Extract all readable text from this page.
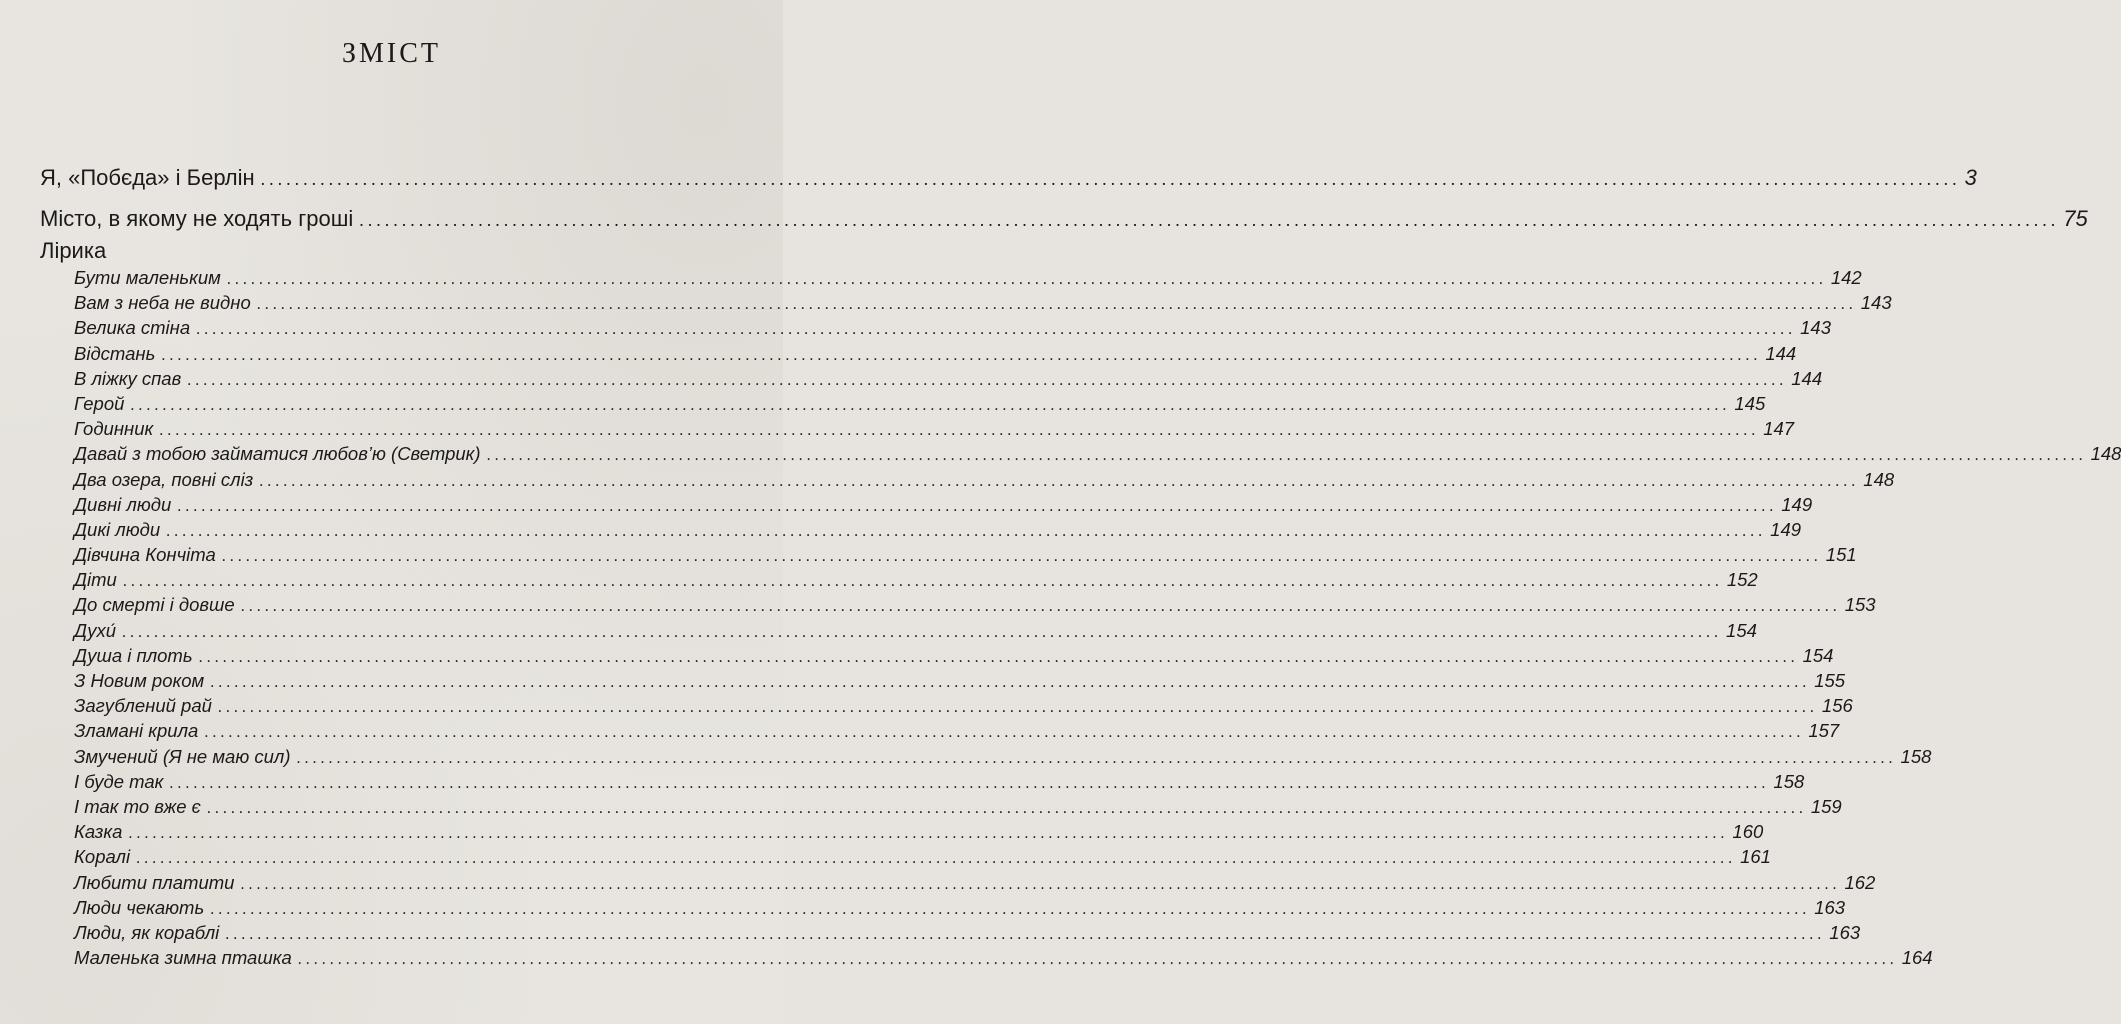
ЗМІСТ
Я, «Побєда» і Берлін ........................................................................................................................................................................................................ 3
Місто, в якому не ходять гроші ........................................................................................................................................................................................................ 75
Лірика
Бути маленьким ........................................................................................................................................................................................................ 142
Вам з неба не видно ........................................................................................................................................................................................................ 143
Велика стіна ........................................................................................................................................................................................................ 143
Відстань ........................................................................................................................................................................................................ 144
В ліжку спав ........................................................................................................................................................................................................ 144
Герой ........................................................................................................................................................................................................ 145
Годинник ........................................................................................................................................................................................................ 147
Давай з тобою займатися любов’ю (Светрик) ........................................................................................................................................................................................................ 148
Два озера, повні сліз ........................................................................................................................................................................................................ 148
Дивні люди ........................................................................................................................................................................................................ 149
Дикі люди ........................................................................................................................................................................................................ 149
Дівчина Кончіта ........................................................................................................................................................................................................ 151
Діти ........................................................................................................................................................................................................ 152
До смерті і довше ........................................................................................................................................................................................................ 153
Духи́ ........................................................................................................................................................................................................ 154
Душа і плоть ........................................................................................................................................................................................................ 154
З Новим роком ........................................................................................................................................................................................................ 155
Загублений рай ........................................................................................................................................................................................................ 156
Зламані крила ........................................................................................................................................................................................................ 157
Змучений (Я не маю сил) ........................................................................................................................................................................................................ 158
І буде так ........................................................................................................................................................................................................ 158
І так то вже є ........................................................................................................................................................................................................ 159
Казка ........................................................................................................................................................................................................ 160
Коралі ........................................................................................................................................................................................................ 161
Любити платити ........................................................................................................................................................................................................ 162
Люди чекають ........................................................................................................................................................................................................ 163
Люди, як кораблі ........................................................................................................................................................................................................ 163
Маленька зимна пташка ........................................................................................................................................................................................................ 164
